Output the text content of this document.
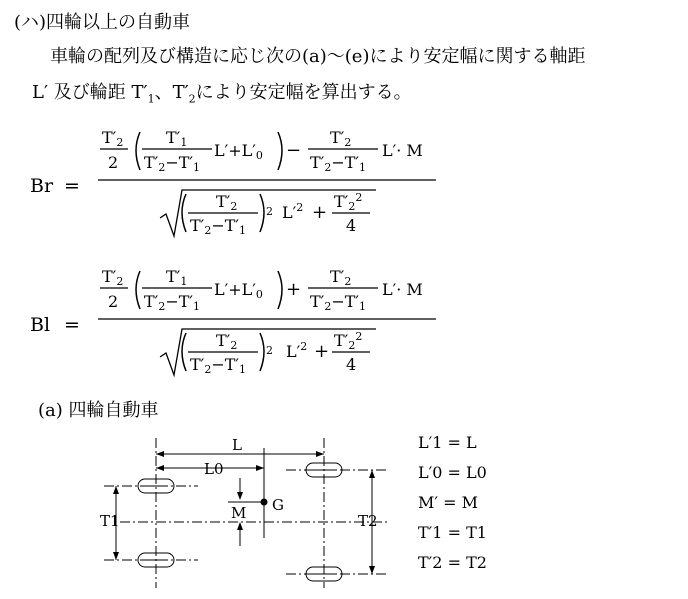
(ハ)四輪以上の自動車
車輪の配列及び構造に応じ次の(a)～(e)により安定幅に関する軸距
L′ 及び輪距 $T'_1$、$T'_2$により安定幅を算出する。
Br =
T′2
2
T′1
T′2−T′1
L′+L′0 −
T′2
T′2−T′1
L′· M
T′2
T′2−T′1
2 $L'^2$ +
$T'2^2$
4
Bl =
T′2
2
T′1
T′2−T′1
L′+L′0 +
T′2
T′2−T′1
L′· M
T′2
T′2−T′1
2 $L'^2$ +
$T'2^2$
4
(a) 四輪自動車
L
L0
M G
T1	T2
L′1 = L
L′0 = L0
M′ = M
T′1 = T1
T′2 = T2
